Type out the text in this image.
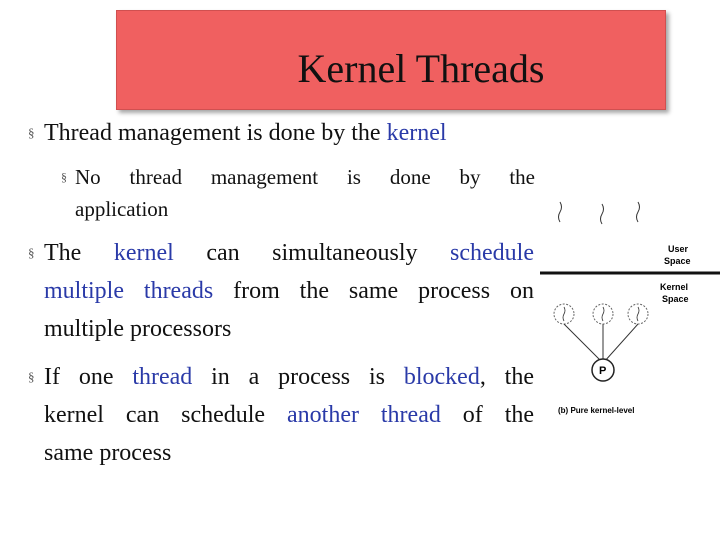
Kernel Threads
§ Thread management is done by the kernel
§ No thread management is done by the
application
§ The kernel can simultaneously schedule
multiple threads from the same process on
multiple processors
§ If one thread in a process is blocked, the
kernel can schedule another thread of the
same process
User
Space
Kernel
Space
P
(b) Pure kernel-level
